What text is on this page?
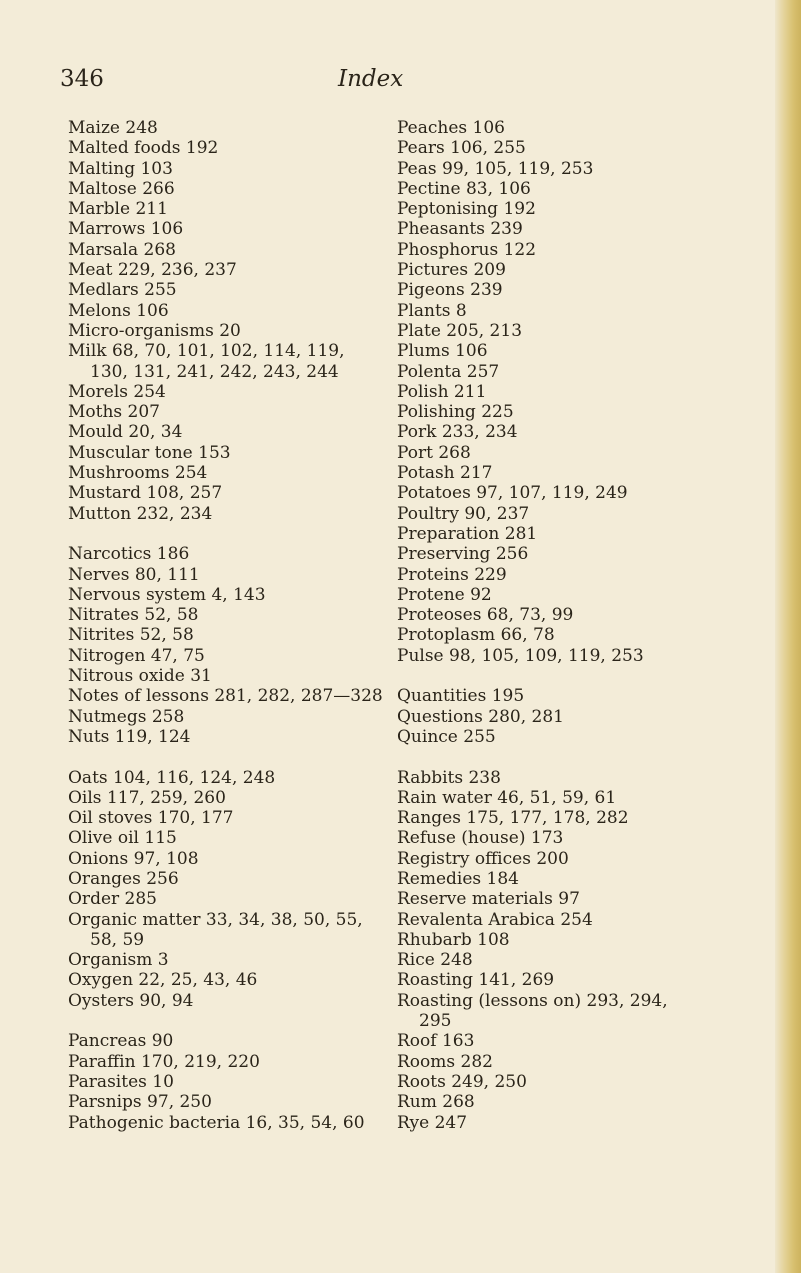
346	Index
Maize 248
Malted foods 192
Malting 103
Maltose 266
Marble 211
Marrows 106
Marsala 268
Meat 229, 236, 237
Medlars 255
Melons 106
Micro-organisms 20
Milk 68, 70, 101, 102, 114, 119,
130, 131, 241, 242, 243, 244
Morels 254
Moths 207
Mould 20, 34
Muscular tone 153
Mushrooms 254
Mustard 108, 257
Mutton 232, 234
Narcotics 186
Nerves 80, 111
Nervous system 4, 143
Nitrates 52, 58
Nitrites 52, 58
Nitrogen 47, 75
Nitrous oxide 31
Notes of lessons 281, 282, 287—328
Nutmegs 258
Nuts 119, 124
Oats 104, 116, 124, 248
Oils 117, 259, 260
Oil stoves 170, 177
Olive oil 115
Onions 97, 108
Oranges 256
Order 285
Organic matter 33, 34, 38, 50, 55,
58, 59
Organism 3
Oxygen 22, 25, 43, 46
Oysters 90, 94
Pancreas 90
Paraffin 170, 219, 220
Parasites 10
Parsnips 97, 250
Pathogenic bacteria 16, 35, 54, 60
Peaches 106
Pears 106, 255
Peas 99, 105, 119, 253
Pectine 83, 106
Peptonising 192
Pheasants 239
Phosphorus 122
Pictures 209
Pigeons 239
Plants 8
Plate 205, 213
Plums 106
Polenta 257
Polish 211
Polishing 225
Pork 233, 234
Port 268
Potash 217
Potatoes 97, 107, 119, 249
Poultry 90, 237
Preparation 281
Preserving 256
Proteins 229
Protene 92
Proteoses 68, 73, 99
Protoplasm 66, 78
Pulse 98, 105, 109, 119, 253
Quantities 195
Questions 280, 281
Quince 255
Rabbits 238
Rain water 46, 51, 59, 61
Ranges 175, 177, 178, 282
Refuse (house) 173
Registry offices 200
Remedies 184
Reserve materials 97
Revalenta Arabica 254
Rhubarb 108
Rice 248
Roasting 141, 269
Roasting (lessons on) 293, 294,
295
Roof 163
Rooms 282
Roots 249, 250
Rum 268
Rye 247
